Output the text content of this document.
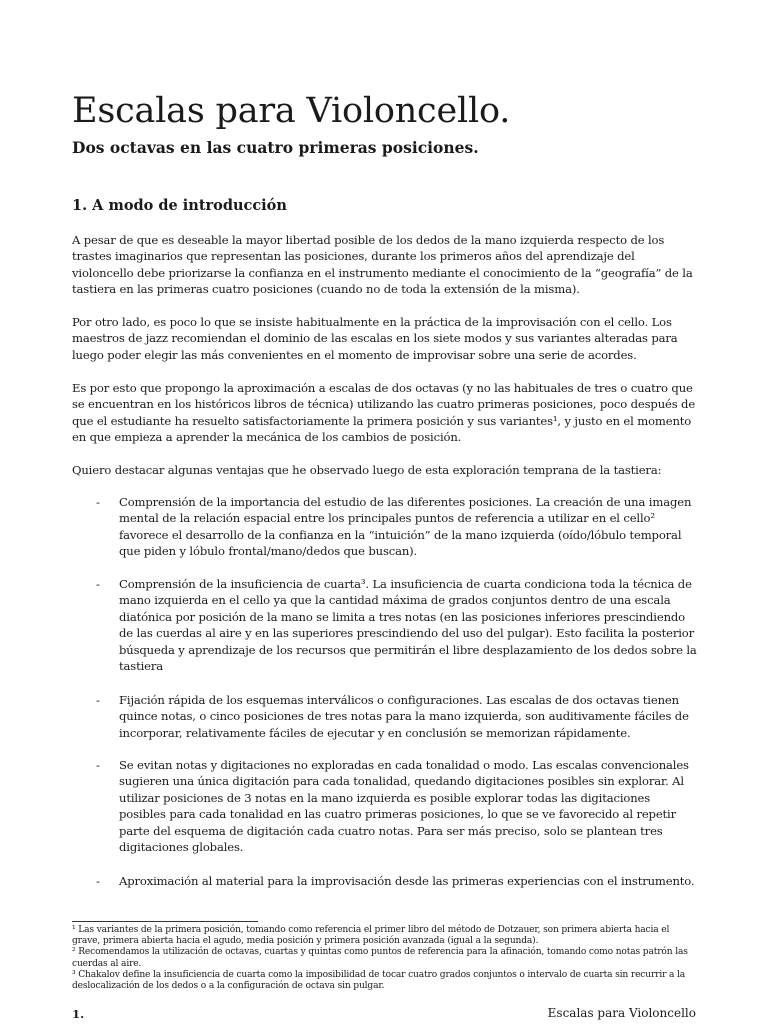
Escalas para Violoncello.
Dos octavas en las cuatro primeras posiciones.
1. A modo de introducción

A pesar de que es deseable la mayor libertad posible de los dedos de la mano izquierda respecto de los trastes imaginarios que representan las posiciones, durante los primeros años del aprendizaje del violoncello debe priorizarse la confianza en el instrumento mediante el conocimiento de la “geografía” de la tastiera en las primeras cuatro posiciones (cuando no de toda la extensión de la misma).

Por otro lado, es poco lo que se insiste habitualmente en la práctica de la improvisación con el cello. Los maestros de jazz recomiendan el dominio de las escalas en los siete modos y sus variantes alteradas para luego poder elegir las más convenientes en el momento de improvisar sobre una serie de acordes.

Es por esto que propongo la aproximación a escalas de dos octavas (y no las habituales de tres o cuatro que se encuentran en los históricos libros de técnica) utilizando las cuatro primeras posiciones, poco después de que el estudiante ha resuelto satisfactoriamente la primera posición y sus variantes¹, y justo en el momento en que empieza a aprender la mecánica de los cambios de posición.

Quiero destacar algunas ventajas que he observado luego de esta exploración temprana de la tastiera:

- Comprensión de la importancia del estudio de las diferentes posiciones. La creación de una imagen mental de la relación espacial entre los principales puntos de referencia a utilizar en el cello² favorece el desarrollo de la confianza en la “intuición” de la mano izquierda (oído/lóbulo temporal que piden y lóbulo frontal/mano/dedos que buscan).
- Comprensión de la insuficiencia de cuarta³. La insuficiencia de cuarta condiciona toda la técnica de mano izquierda en el cello ya que la cantidad máxima de grados conjuntos dentro de una escala diatónica por posición de la mano se limita a tres notas (en las posiciones inferiores prescindiendo de las cuerdas al aire y en las superiores prescindiendo del uso del pulgar). Esto facilita la posterior búsqueda y aprendizaje de los recursos que permitirán el libre desplazamiento de los dedos sobre la tastiera
- Fijación rápida de los esquemas interválicos o configuraciones. Las escalas de dos octavas tienen quince notas, o cinco posiciones de tres notas para la mano izquierda, son auditivamente fáciles de incorporar, relativamente fáciles de ejecutar y en conclusión se memorizan rápidamente.
- Se evitan notas y digitaciones no exploradas en cada tonalidad o modo. Las escalas convencionales sugieren una única digitación para cada tonalidad, quedando digitaciones posibles sin explorar. Al utilizar posiciones de 3 notas en la mano izquierda es posible explorar todas las digitaciones posibles para cada tonalidad en las cuatro primeras posiciones, lo que se ve favorecido al repetir parte del esquema de digitación cada cuatro notas. Para ser más preciso, solo se plantean tres digitaciones globales.
- Aproximación al material para la improvisación desde las primeras experiencias con el instrumento.

¹ Las variantes de la primera posición, tomando como referencia el primer libro del método de Dotzauer, son primera abierta hacia el grave, primera abierta hacia el agudo, media posición y primera posición avanzada (igual a la segunda).

² Recomendamos la utilización de octavas, cuartas y quintas como puntos de referencia para la afinación, tomando como notas patrón las cuerdas al aire.

³ Chakalov define la insuficiencia de cuarta como la imposibilidad de tocar cuatro grados conjuntos o intervalo de cuarta sin recurrir a la deslocalización de los dedos o a la configuración de octava sin pulgar.

1.	Escalas para Violoncello
